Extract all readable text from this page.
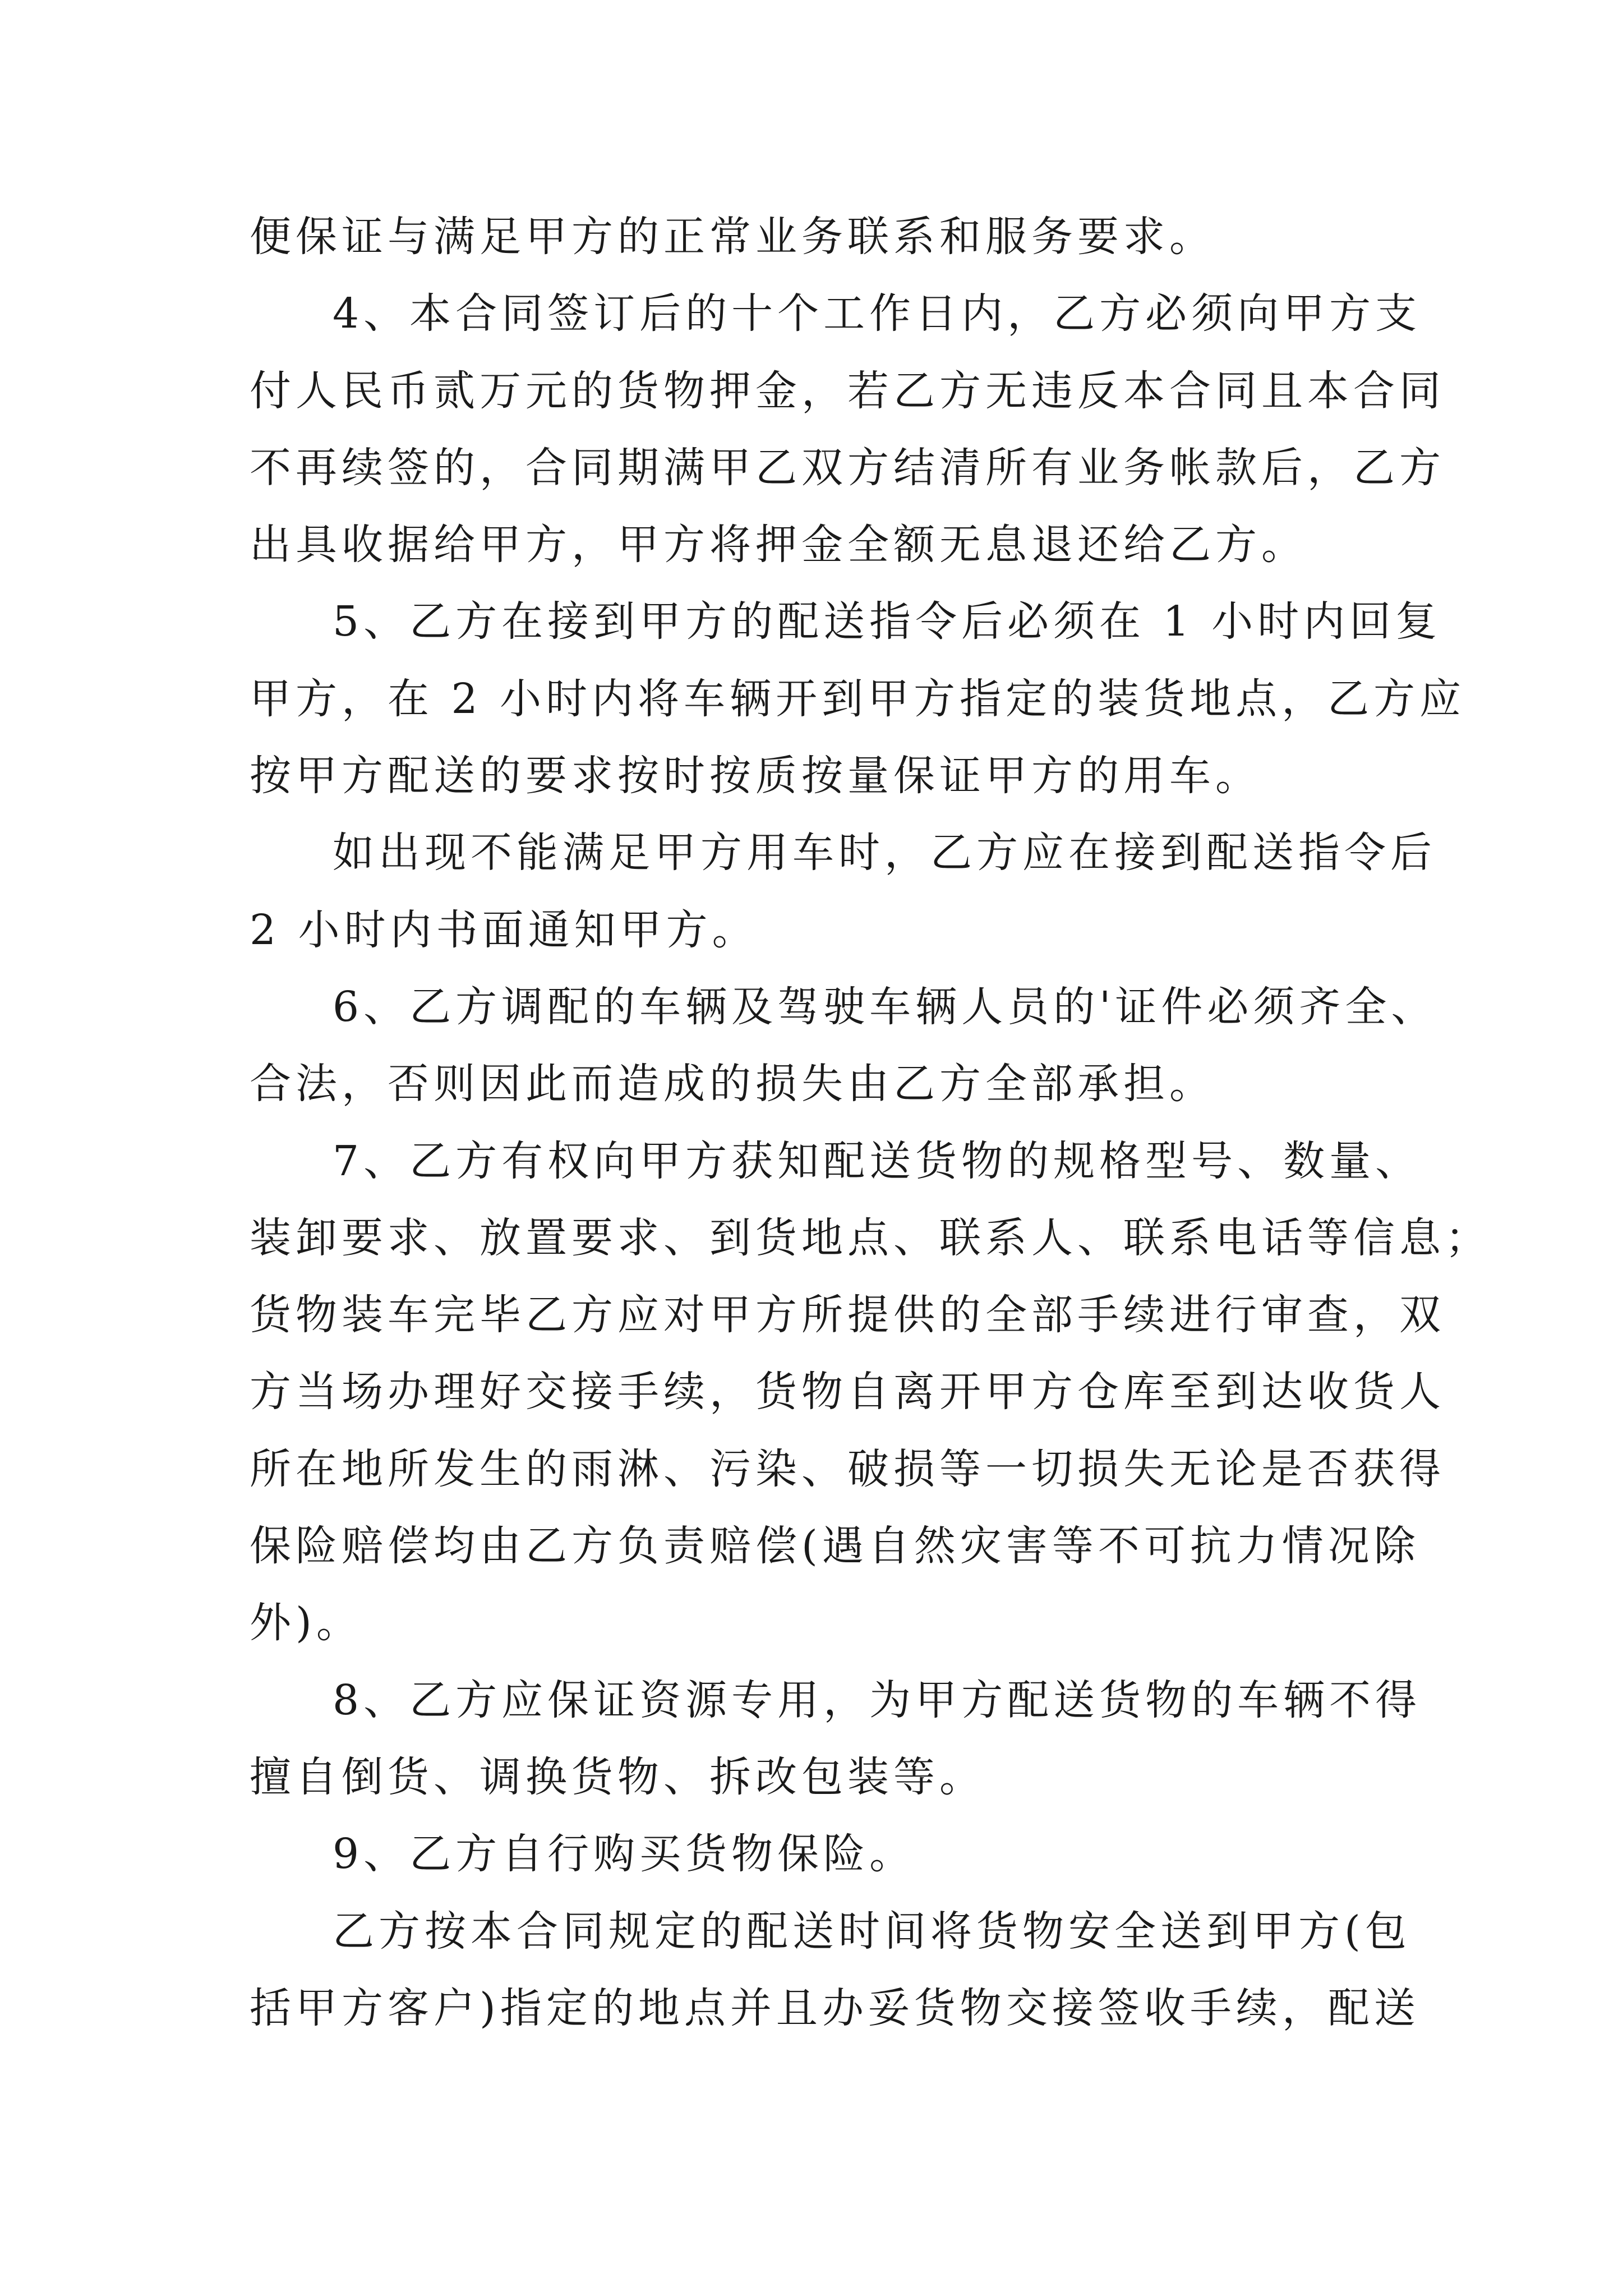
便保证与满足甲方的正常业务联系和服务要求。
4、本合同签订后的十个工作日内，乙方必须向甲方支
付人民币贰万元的货物押金，若乙方无违反本合同且本合同
不再续签的，合同期满甲乙双方结清所有业务帐款后，乙方
出具收据给甲方，甲方将押金全额无息退还给乙方。
5、乙方在接到甲方的配送指令后必须在 1 小时内回复
甲方，在 2 小时内将车辆开到甲方指定的装货地点，乙方应
按甲方配送的要求按时按质按量保证甲方的用车。
如出现不能满足甲方用车时，乙方应在接到配送指令后
2 小时内书面通知甲方。
6、乙方调配的车辆及驾驶车辆人员的'证件必须齐全、
合法，否则因此而造成的损失由乙方全部承担。
7、乙方有权向甲方获知配送货物的规格型号、数量、
装卸要求、放置要求、到货地点、联系人、联系电话等信息；
货物装车完毕乙方应对甲方所提供的全部手续进行审查，双
方当场办理好交接手续，货物自离开甲方仓库至到达收货人
所在地所发生的雨淋、污染、破损等一切损失无论是否获得
保险赔偿均由乙方负责赔偿(遇自然灾害等不可抗力情况除
外)。
8、乙方应保证资源专用，为甲方配送货物的车辆不得
擅自倒货、调换货物、拆改包装等。
9、乙方自行购买货物保险。
乙方按本合同规定的配送时间将货物安全送到甲方(包
括甲方客户)指定的地点并且办妥货物交接签收手续，配送
